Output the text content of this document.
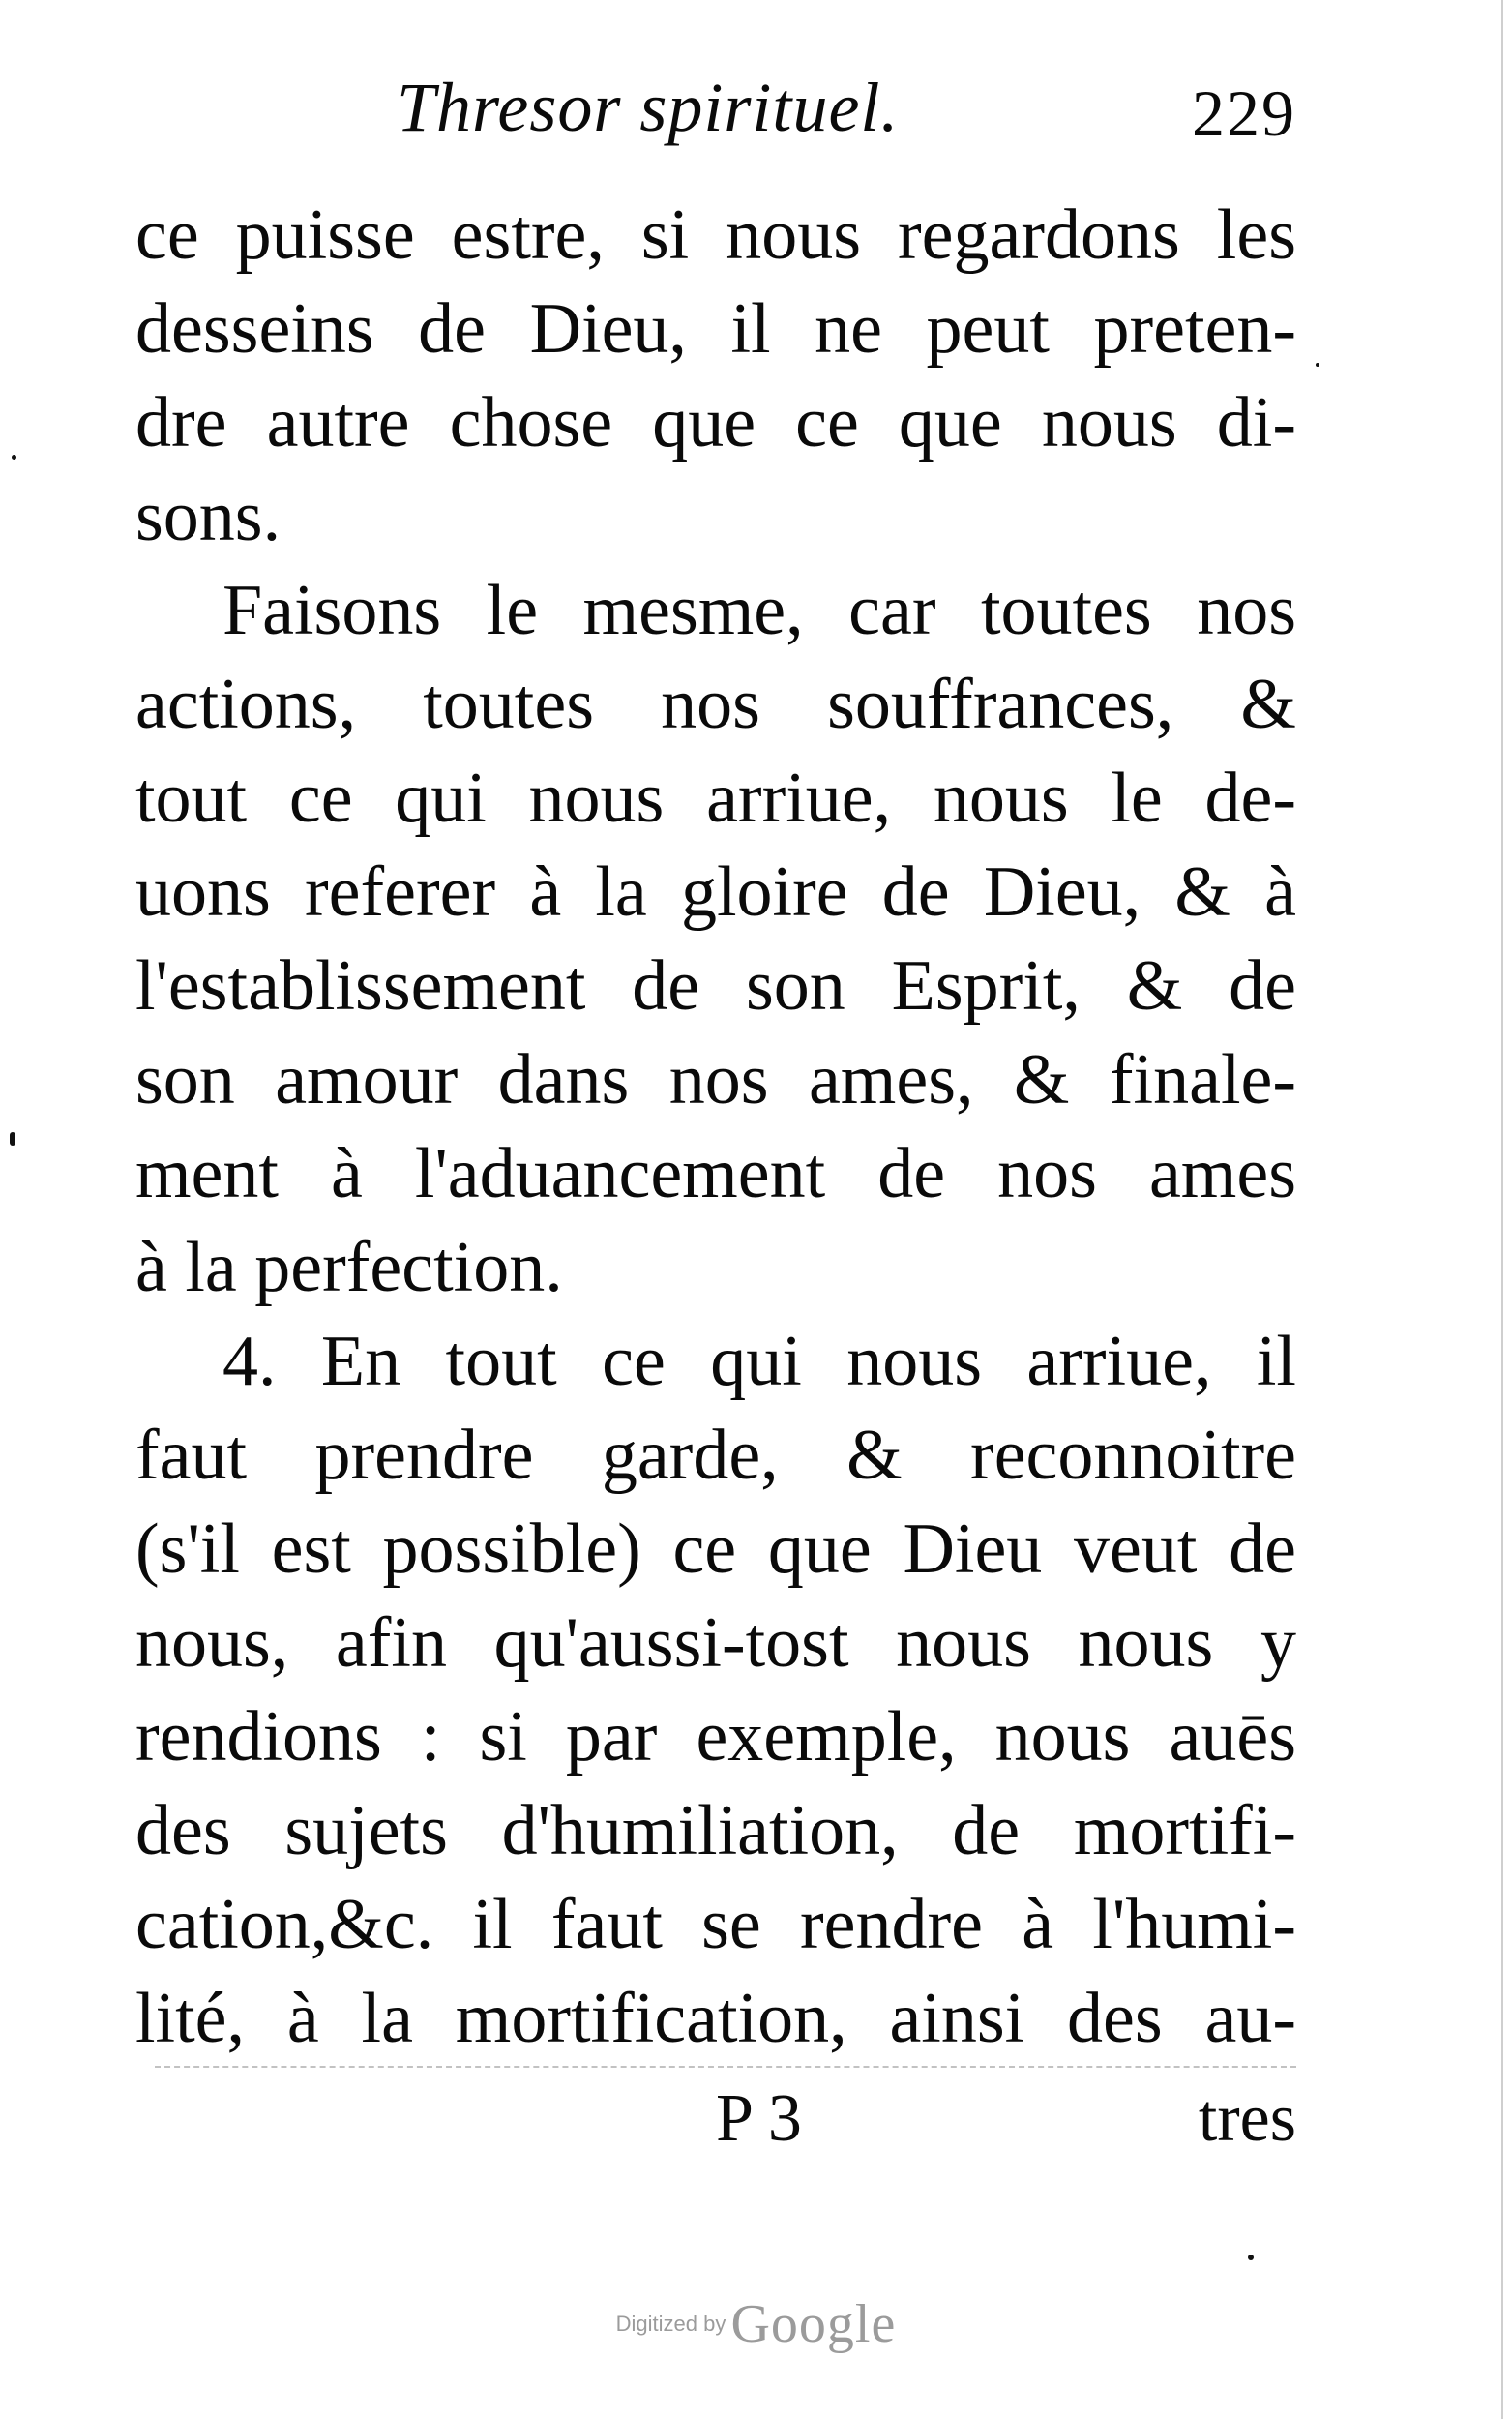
Thresor spirituel.	229
ce puisse estre, si nous regardons les
desseins de Dieu, il ne peut preten-
dre autre chose que ce que nous di-
sons.
Faisons le mesme, car toutes nos
actions, toutes nos souffrances, &
tout ce qui nous arriue, nous le de-
uons referer à la gloire de Dieu, & à
l'establissement de son Esprit, & de
son amour dans nos ames, & finale-
ment à l'aduancement de nos ames
à la perfection.
4. En tout ce qui nous arriue, il
faut prendre garde, & reconnoitre
(s'il est possible) ce que Dieu veut de
nous, afin qu'aussi-tost nous nous y
rendions : si par exemple, nous auēs
des sujets d'humiliation, de mortifi-
cation,&c. il faut se rendre à l'humi-
lité, à la mortification, ainsi des au-
P 3	tres
Digitized by Google
